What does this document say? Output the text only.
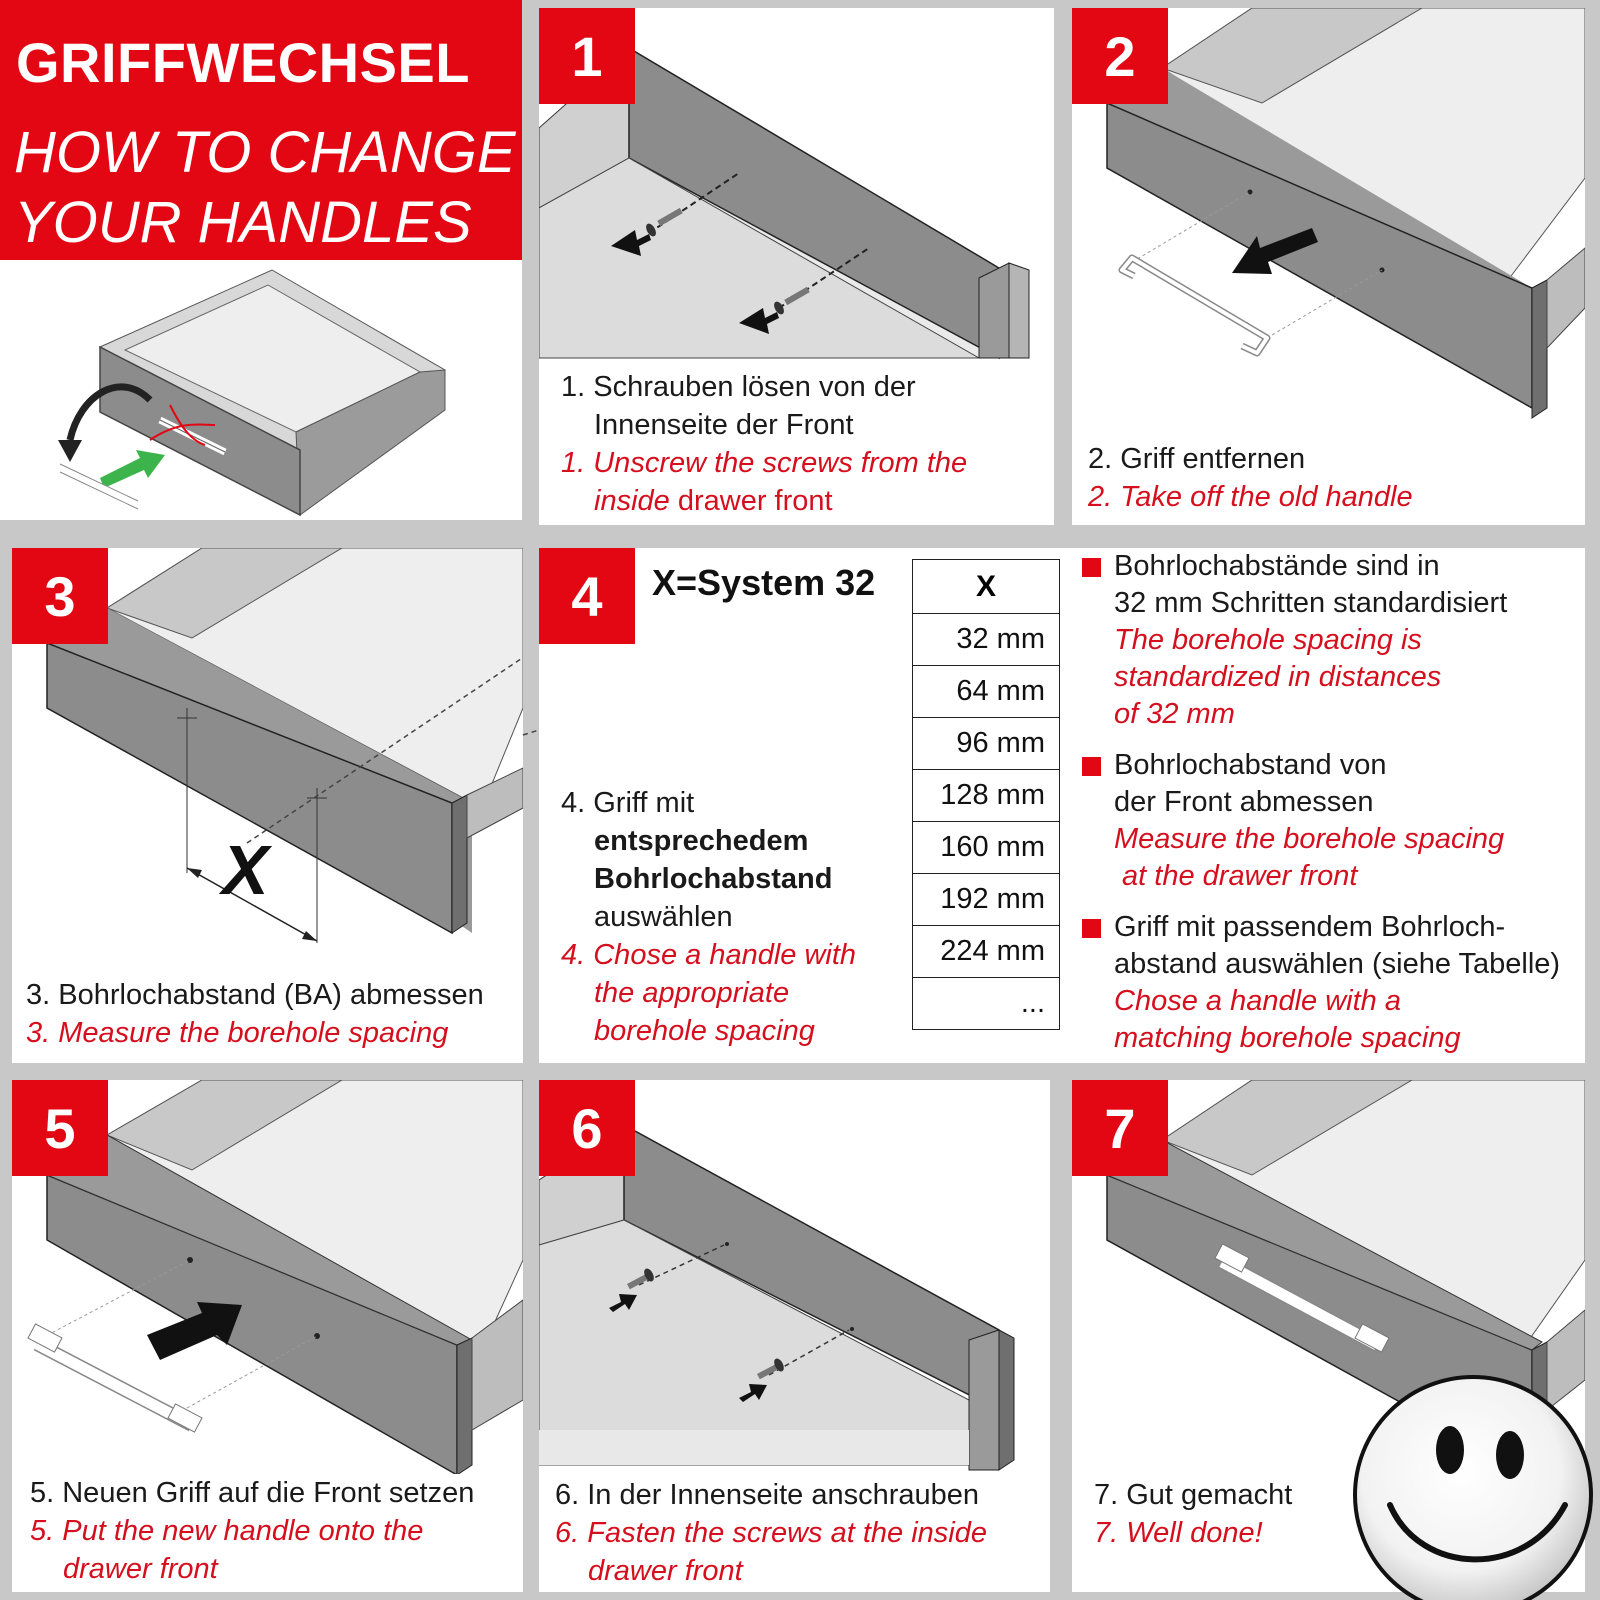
GRIFFWECHSEL
HOW TO CHANGE
YOUR HANDLES
1
1. Schrauben lösen von der
Innenseite der Front
1. Unscrew the screws from the
inside drawer front
2
2. Griff entfernen
2. Take off the old handle
X
3
3. Bohrlochabstand (BA) abmessen
3. Measure the borehole spacing
4	X=System 32
4. Griff mit
entsprechedem
Bohrlochabstand
auswählen
4. Chose a handle with
the appropriate
borehole spacing
X
32 mm
64 mm
96 mm
128 mm
160 mm
192 mm
224 mm
...
Bohrlochabstände sind in
32 mm Schritten standardisiert
The borehole spacing is
standardized in distances
of 32 mm
Bohrlochabstand von
der Front abmessen
Measure the borehole spacing
at the drawer front
Griff mit passendem Bohrloch-
abstand auswählen (siehe Tabelle)
Chose a handle with a
matching borehole spacing
5
5. Neuen Griff auf die Front setzen
5. Put the new handle onto the
drawer front
6
6. In der Innenseite anschrauben
6. Fasten the screws at the inside
drawer front
7
7. Gut gemacht
7. Well done!
